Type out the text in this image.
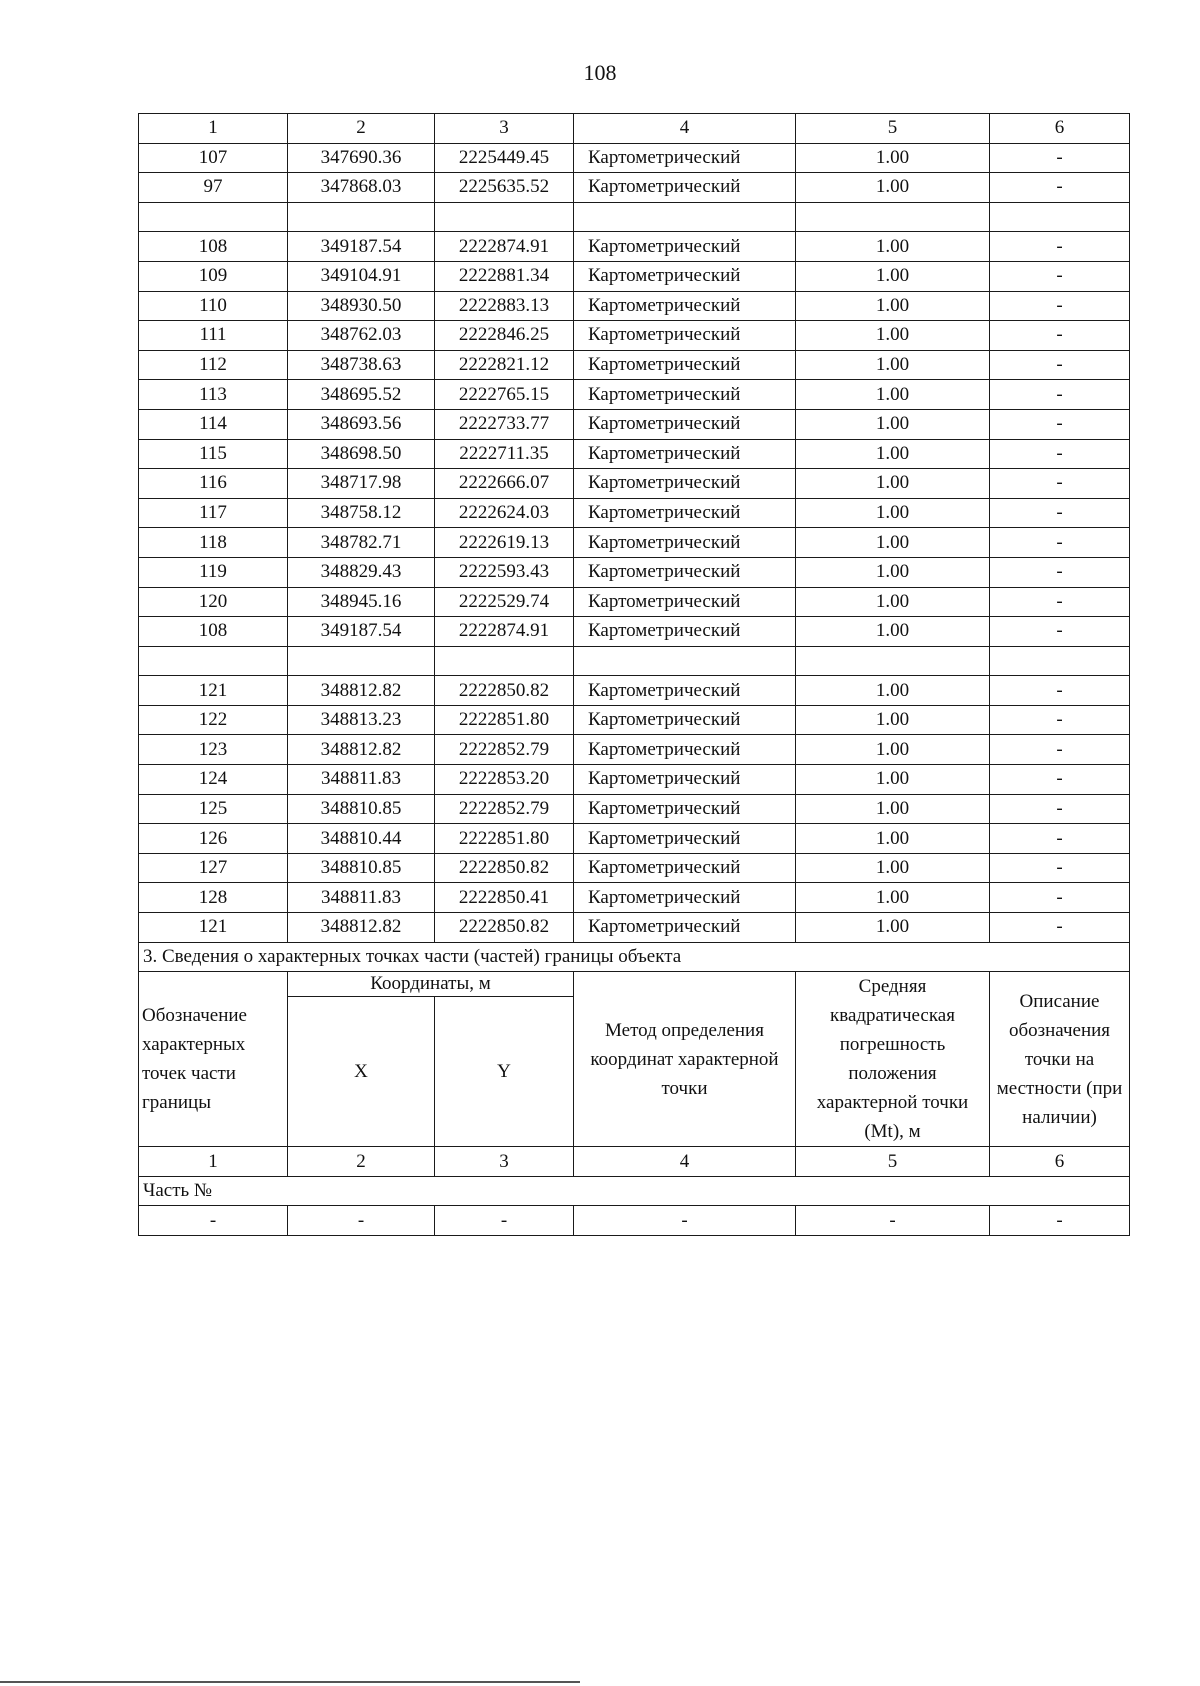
108
1	2	3	4	5	6
107	347690.36	2225449.45	Картометрический	1.00	-
97	347868.03	2225635.52	Картометрический	1.00	-

108	349187.54	2222874.91	Картометрический	1.00	-
109	349104.91	2222881.34	Картометрический	1.00	-
110	348930.50	2222883.13	Картометрический	1.00	-
111	348762.03	2222846.25	Картометрический	1.00	-
112	348738.63	2222821.12	Картометрический	1.00	-
113	348695.52	2222765.15	Картометрический	1.00	-
114	348693.56	2222733.77	Картометрический	1.00	-
115	348698.50	2222711.35	Картометрический	1.00	-
116	348717.98	2222666.07	Картометрический	1.00	-
117	348758.12	2222624.03	Картометрический	1.00	-
118	348782.71	2222619.13	Картометрический	1.00	-
119	348829.43	2222593.43	Картометрический	1.00	-
120	348945.16	2222529.74	Картометрический	1.00	-
108	349187.54	2222874.91	Картометрический	1.00	-

121	348812.82	2222850.82	Картометрический	1.00	-
122	348813.23	2222851.80	Картометрический	1.00	-
123	348812.82	2222852.79	Картометрический	1.00	-
124	348811.83	2222853.20	Картометрический	1.00	-
125	348810.85	2222852.79	Картометрический	1.00	-
126	348810.44	2222851.80	Картометрический	1.00	-
127	348810.85	2222850.82	Картометрический	1.00	-
128	348811.83	2222850.41	Картометрический	1.00	-
121	348812.82	2222850.82	Картометрический	1.00	-
3. Сведения о характерных точках части (частей) границы объекта					
Обозначение характерных точек части границы	Координаты, м		Метод определения координат характерной точки	Средняя квадратическая погрешность положения характерной точки (Mt), м	Описание обозначения точки на местности (при наличии)
	X	Y			
1	2	3	4	5	6
Часть №					
-	-	-	-	-	-
